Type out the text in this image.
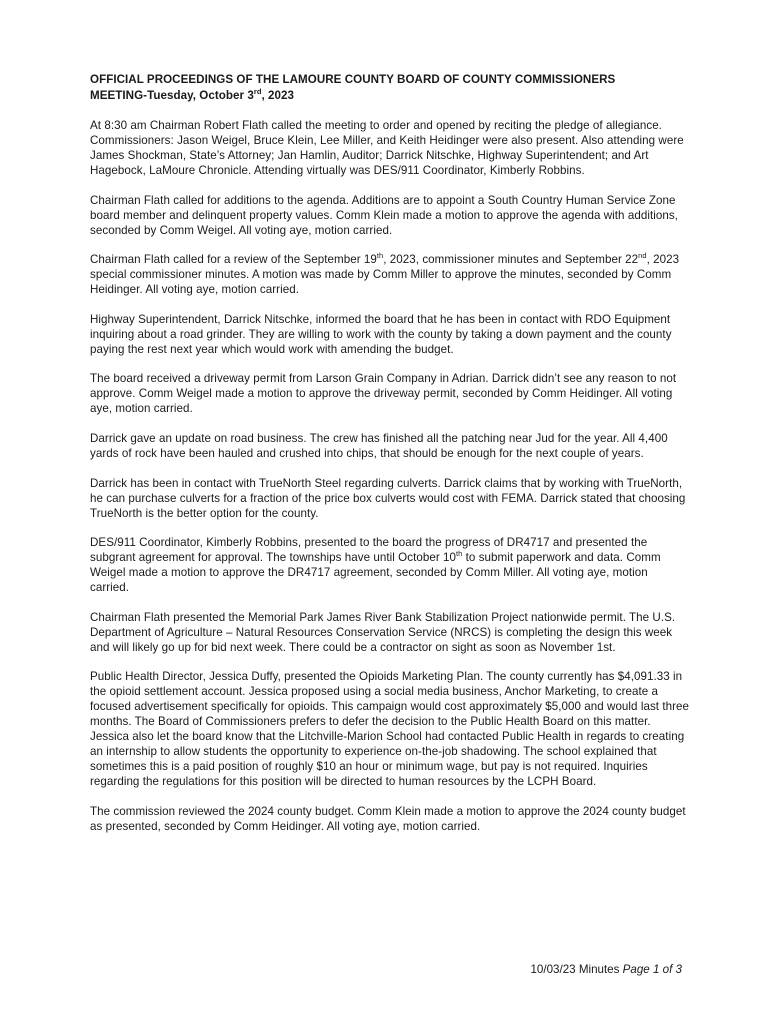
OFFICIAL PROCEEDINGS OF THE LAMOURE COUNTY BOARD OF COUNTY COMMISSIONERS
MEETING-Tuesday, October 3rd, 2023

At 8:30 am Chairman Robert Flath called the meeting to order and opened by reciting the pledge of allegiance. Commissioners: Jason Weigel, Bruce Klein, Lee Miller, and Keith Heidinger were also present. Also attending were James Shockman, State’s Attorney; Jan Hamlin, Auditor; Darrick Nitschke, Highway Superintendent; and Art Hagebock, LaMoure Chronicle. Attending virtually was DES/911 Coordinator, Kimberly Robbins.

Chairman Flath called for additions to the agenda. Additions are to appoint a South Country Human Service Zone board member and delinquent property values. Comm Klein made a motion to approve the agenda with additions, seconded by Comm Weigel. All voting aye, motion carried.

Chairman Flath called for a review of the September 19th, 2023, commissioner minutes and September 22nd, 2023 special commissioner minutes. A motion was made by Comm Miller to approve the minutes, seconded by Comm Heidinger. All voting aye, motion carried.

Highway Superintendent, Darrick Nitschke, informed the board that he has been in contact with RDO Equipment inquiring about a road grinder. They are willing to work with the county by taking a down payment and the county paying the rest next year which would work with amending the budget.

The board received a driveway permit from Larson Grain Company in Adrian. Darrick didn’t see any reason to not approve. Comm Weigel made a motion to approve the driveway permit, seconded by Comm Heidinger. All voting aye, motion carried.

Darrick gave an update on road business. The crew has finished all the patching near Jud for the year. All 4,400 yards of rock have been hauled and crushed into chips, that should be enough for the next couple of years.

Darrick has been in contact with TrueNorth Steel regarding culverts. Darrick claims that by working with TrueNorth, he can purchase culverts for a fraction of the price box culverts would cost with FEMA. Darrick stated that choosing TrueNorth is the better option for the county.

DES/911 Coordinator, Kimberly Robbins, presented to the board the progress of DR4717 and presented the subgrant agreement for approval. The townships have until October 10th to submit paperwork and data. Comm Weigel made a motion to approve the DR4717 agreement, seconded by Comm Miller. All voting aye, motion carried.

Chairman Flath presented the Memorial Park James River Bank Stabilization Project nationwide permit. The U.S. Department of Agriculture – Natural Resources Conservation Service (NRCS) is completing the design this week and will likely go up for bid next week. There could be a contractor on sight as soon as November 1st.

Public Health Director, Jessica Duffy, presented the Opioids Marketing Plan. The county currently has $4,091.33 in the opioid settlement account. Jessica proposed using a social media business, Anchor Marketing, to create a focused advertisement specifically for opioids. This campaign would cost approximately $5,000 and would last three months. The Board of Commissioners prefers to defer the decision to the Public Health Board on this matter.

Jessica also let the board know that the Litchville-Marion School had contacted Public Health in regards to creating an internship to allow students the opportunity to experience on-the-job shadowing. The school explained that sometimes this is a paid position of roughly $10 an hour or minimum wage, but pay is not required. Inquiries regarding the regulations for this position will be directed to human resources by the LCPH Board.

The commission reviewed the 2024 county budget. Comm Klein made a motion to approve the 2024 county budget as presented, seconded by Comm Heidinger. All voting aye, motion carried.

10/03/23 Minutes Page 1 of 3
